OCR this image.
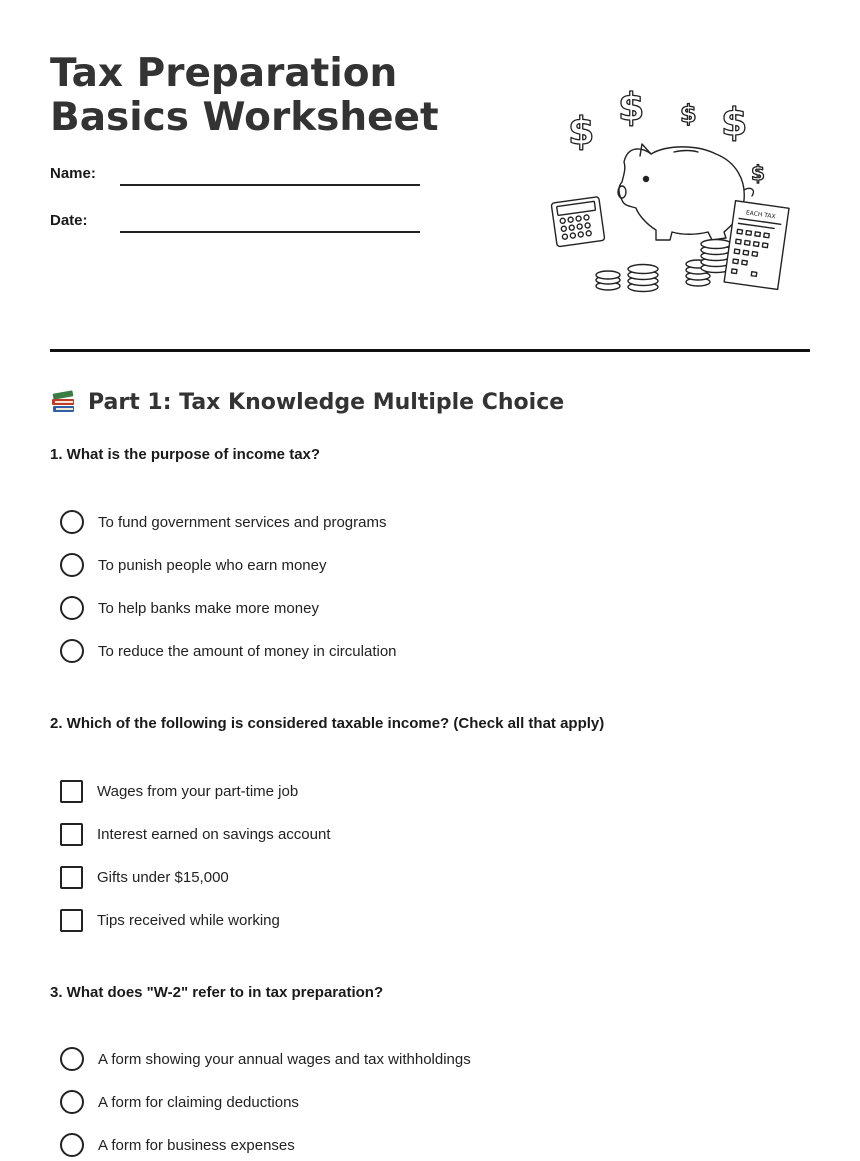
Tax Preparation Basics Worksheet
Name:
Date:
$
$ $ $
$
EACH TAX
Part 1: Tax Knowledge Multiple Choice

1. What is the purpose of income tax?

To fund government services and programs
To punish people who earn money
To help banks make more money
To reduce the amount of money in circulation

2. Which of the following is considered taxable income? (Check all that apply)

Wages from your part-time job
Interest earned on savings account
Gifts under $15,000
Tips received while working

3. What does "W-2" refer to in tax preparation?

A form showing your annual wages and tax withholdings
A form for claiming deductions
A form for business expenses
